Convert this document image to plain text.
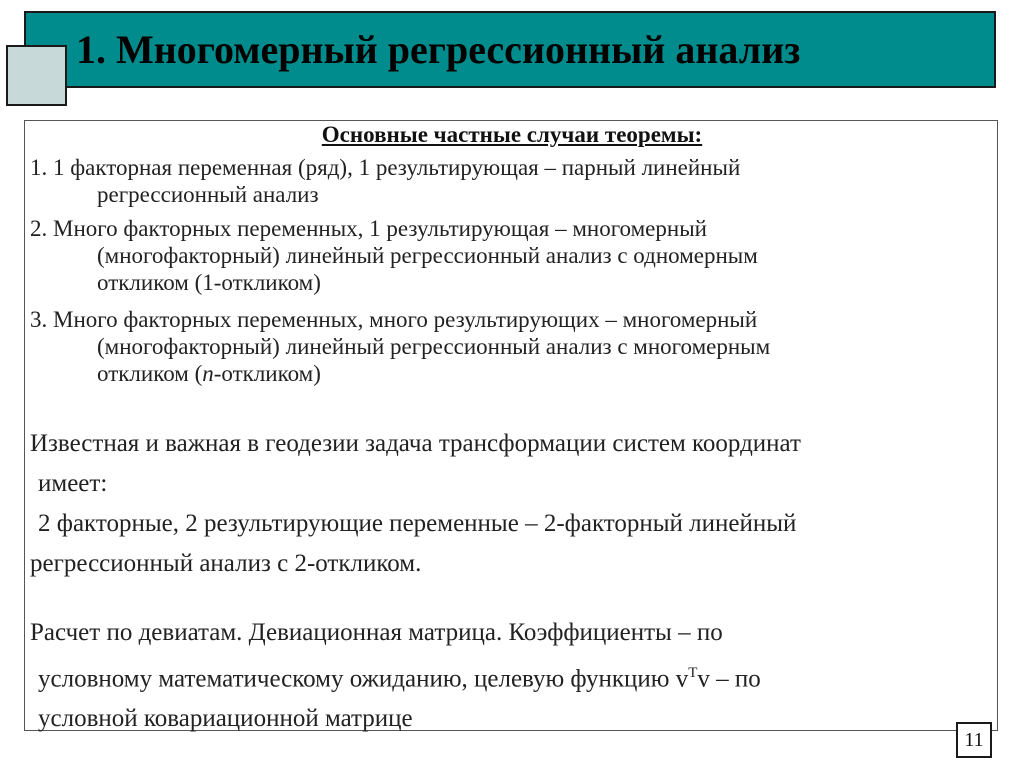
1. Многомерный регрессионный анализ
Основные частные случаи теоремы:
1. 1 факторная переменная (ряд), 1 результирующая – парный линейный
регрессионный анализ
2. Много факторных переменных, 1 результирующая – многомерный
(многофакторный) линейный регрессионный анализ с одномерным
откликом (1-откликом)
3. Много факторных переменных, много результирующих – многомерный
(многофакторный) линейный регрессионный анализ с многомерным
откликом (n-откликом)
Известная и важная в геодезии задача трансформации систем координат
имеет:
2 факторные, 2 результирующие переменные – 2-факторный линейный
регрессионный анализ с 2-откликом.
Расчет по девиатам. Девиационная матрица. Коэффициенты – по
условному математическому ожиданию, целевую функцию $v^Tv$ – по
условной ковариационной матрице
11
